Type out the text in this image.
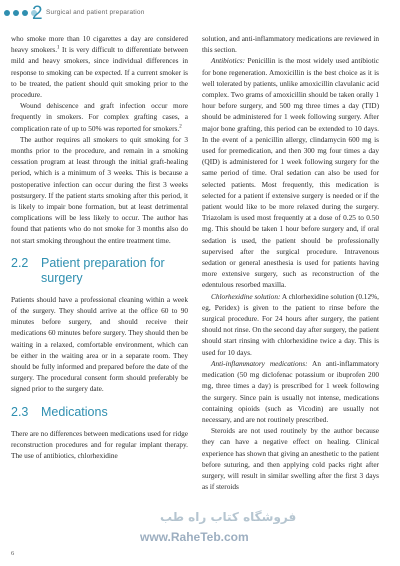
2 Surgical and patient preparation

who smoke more than 10 cigarettes a day are considered heavy smokers.$^1$ It is very difficult to differentiate between mild and heavy smokers, since individual differences in response to smoking can be expected. If a current smoker is to be treated, the patient should quit smoking prior to the procedure.

Wound dehiscence and graft infection occur more frequently in smokers. For complex grafting cases, a complication rate of up to 50% was reported for smokers.$^2$

The author requires all smokers to quit smoking for 3 months prior to the procedure, and remain in a smoking cessation program at least through the initial graft-healing period, which is a minimum of 3 weeks. This is because a postoperative infection can occur during the first 3 weeks postsurgery. If the patient starts smoking after this period, it is likely to impair bone formation, but at least detrimental complications will be less likely to occur. The author has found that patients who do not smoke for 3 months also do not start smoking throughout the entire treatment time.

2.2	Patient preparation for surgery

Patients should have a professional cleaning within a week of the surgery. They should arrive at the office 60 to 90 minutes before surgery, and should receive their medications 60 minutes before surgery. They should then be waiting in a relaxed, comfortable environment, which can be either in the waiting area or in a separate room. They should be fully informed and prepared before the date of the surgery. The procedural consent form should preferably be signed prior to the surgery date.

2.3	Medications

There are no differences between medications used for ridge reconstruction procedures and for regular implant therapy. The use of antibiotics, chlorhexidine

solution, and anti-inflammatory medications are reviewed in this section.

Antibiotics: Penicillin is the most widely used antibiotic for bone regeneration. Amoxicillin is the best choice as it is well tolerated by patients, unlike amoxicillin clavulanic acid complex. Two grams of amoxicillin should be taken orally 1 hour before surgery, and 500 mg three times a day (TID) should be administered for 1 week following surgery. After major bone grafting, this period can be extended to 10 days. In the event of a penicillin allergy, clindamycin 600 mg is used for premedication, and then 300 mg four times a day (QID) is administered for 1 week following surgery for the same period of time. Oral sedation can also be used for selected patients. Most frequently, this medication is selected for a patient if extensive surgery is needed or if the patient would like to be more relaxed during the surgery. Triazolam is used most frequently at a dose of 0.25 to 0.50 mg. This should be taken 1 hour before surgery and, if oral sedation is used, the patient should be professionally supervised after the surgical procedure. Intravenous sedation or general anesthesia is used for patients having more extensive surgery, such as reconstruction of the edentulous resorbed maxilla.

Chlorhexidine solution: A chlorhexidine solution (0.12%, eg, Peridex) is given to the patient to rinse before the surgical procedure. For 24 hours after surgery, the patient should not rinse. On the second day after surgery, the patient should start rinsing with chlorhexidine twice a day. This is used for 10 days.

Anti-inflammatory medications: An anti-inflammatory medication (50 mg diclofenac potassium or ibuprofen 200 mg, three times a day) is prescribed for 1 week following the surgery. Since pain is usually not intense, medications containing opioids (such as Vicodin) are usually not necessary, and are not routinely prescribed.

Steroids are not used routinely by the author because they can have a negative effect on healing. Clinical experience has shown that giving an anesthetic to the patient before suturing, and then applying cold packs right after surgery, will result in similar swelling after the first 3 days as if steroids

فروشگاه کتاب راه طب
www.RaheTeb.com
6
